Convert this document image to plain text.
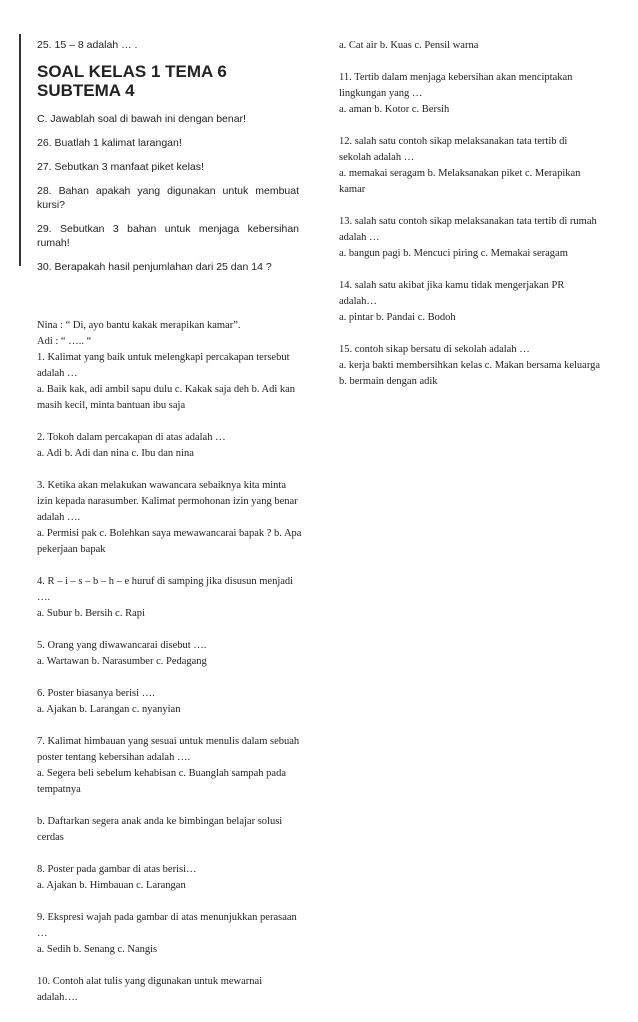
25. 15 – 8 adalah … .
SOAL KELAS 1 TEMA 6 SUBTEMA 4
C. Jawablah soal di bawah ini dengan benar!
26. Buatlah 1 kalimat larangan!
27. Sebutkan 3 manfaat piket kelas!
28. Bahan apakah yang digunakan untuk membuat kursi?
29. Sebutkan 3 bahan untuk menjaga kebersihan rumah!
30. Berapakah hasil penjumlahan dari 25 dan 14 ?
Nina : “ Di, ayo bantu kakak merapikan kamar”.
Adi : “ ….. “
1. Kalimat yang baik untuk melengkapi percakapan tersebut adalah …
a. Baik kak, adi ambil sapu dulu c. Kakak saja deh b. Adi kan masih kecil, minta bantuan ibu saja
2. Tokoh dalam percakapan di atas adalah …
a. Adi b. Adi dan nina c. Ibu dan nina
3. Ketika akan melakukan wawancara sebaiknya kita minta izin kepada narasumber. Kalimat permohonan izin yang benar adalah ….
a. Permisi pak c. Bolehkan saya mewawancarai bapak ? b. Apa pekerjaan bapak
4. R – i – s – b – h – e huruf di samping jika disusun menjadi ….
a. Subur b. Bersih c. Rapi
5. Orang yang diwawancarai disebut ….
a. Wartawan b. Narasumber c. Pedagang
6. Poster biasanya berisi ….
a. Ajakan b. Larangan c. nyanyian
7. Kalimat himbauan yang sesuai untuk menulis dalam sebuah poster tentang kebersihan adalah ….
a. Segera beli sebelum kehabisan c. Buanglah sampah pada tempatnya
b. Daftarkan segera anak anda ke bimbingan belajar solusi cerdas
8. Poster pada gambar di atas berisi…
a. Ajakan b. Himbauan c. Larangan
9. Ekspresi wajah pada gambar di atas menunjukkan perasaan …
a. Sedih b. Senang c. Nangis
10. Contoh alat tulis yang digunakan untuk mewarnai adalah….
a. Cat air b. Kuas c. Pensil warna
11. Tertib dalam menjaga kebersihan akan menciptakan lingkungan yang …
a. aman b. Kotor c. Bersih
12. salah satu contoh sikap melaksanakan tata tertib di sekolah adalah …
a. memakai seragam b. Melaksanakan piket c. Merapikan kamar
13. salah satu contoh sikap melaksanakan tata tertib di rumah adalah …
a. bangun pagi b. Mencuci piring c. Memakai seragam
14. salah satu akibat jika kamu tidak mengerjakan PR adalah…
a. pintar b. Pandai c. Bodoh
15. contoh sikap bersatu di sekolah adalah …
a. kerja bakti membersihkan kelas c. Makan bersama keluarga b. bermain dengan adik
